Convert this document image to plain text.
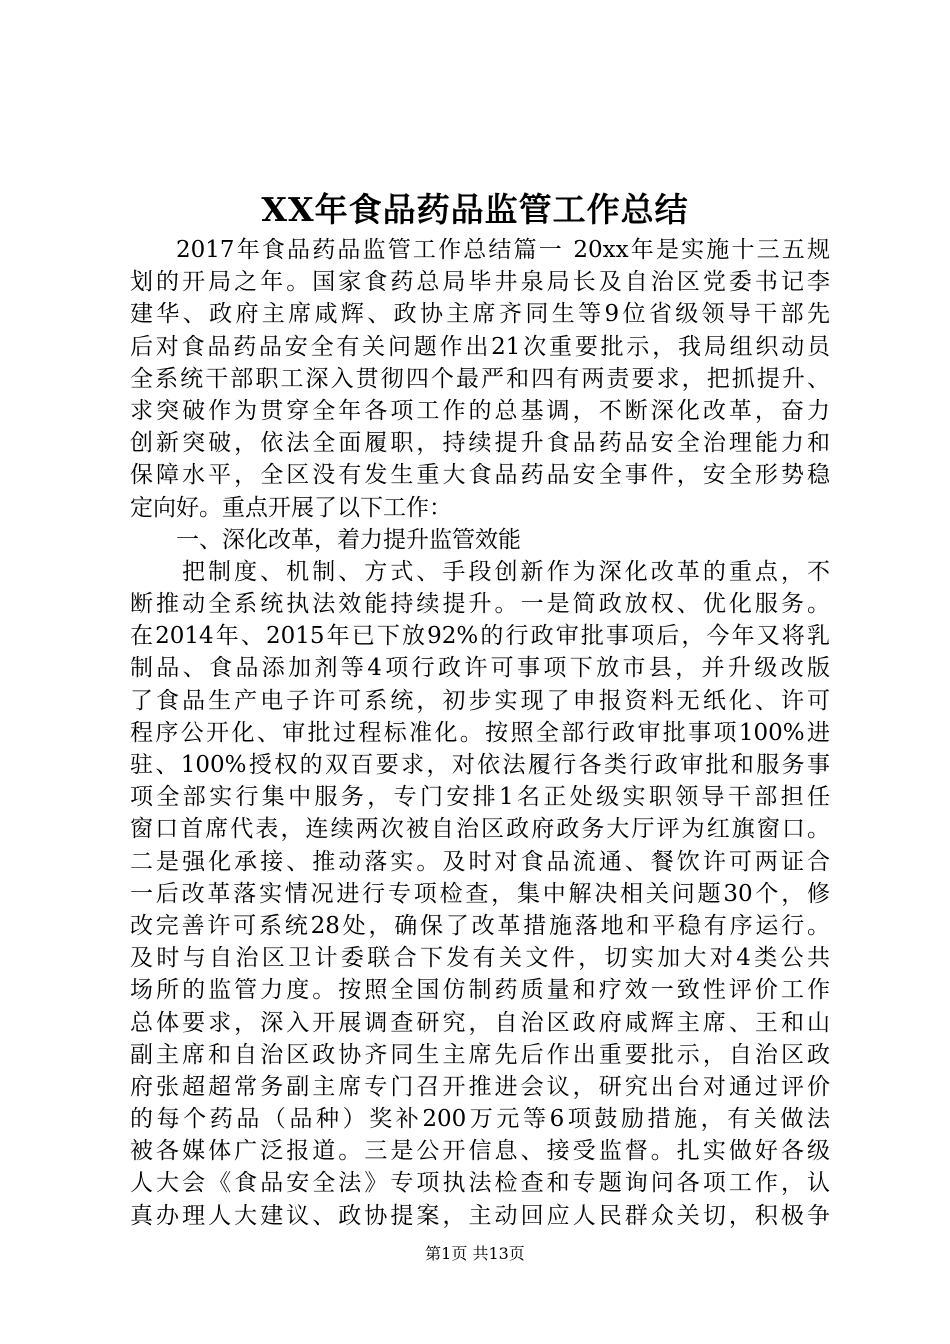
XX年食品药品监管工作总结
2017年食品药品监管工作总结篇一 20xx年是实施十三五规
划的开局之年。国家食药总局毕井泉局长及自治区党委书记李
建华、政府主席咸辉、政协主席齐同生等9位省级领导干部先
后对食品药品安全有关问题作出21次重要批示，我局组织动员
全系统干部职工深入贯彻四个最严和四有两责要求，把抓提升、
求突破作为贯穿全年各项工作的总基调，不断深化改革，奋力
创新突破，依法全面履职，持续提升食品药品安全治理能力和
保障水平，全区没有发生重大食品药品安全事件，安全形势稳
定向好。重点开展了以下工作：
一、深化改革，着力提升监管效能
把制度、机制、方式、手段创新作为深化改革的重点，不
断推动全系统执法效能持续提升。一是简政放权、优化服务。
在2014年、2015年已下放92%的行政审批事项后，今年又将乳
制品、食品添加剂等4项行政许可事项下放市县，并升级改版
了食品生产电子许可系统，初步实现了申报资料无纸化、许可
程序公开化、审批过程标准化。按照全部行政审批事项100%进
驻、100%授权的双百要求，对依法履行各类行政审批和服务事
项全部实行集中服务，专门安排1名正处级实职领导干部担任
窗口首席代表，连续两次被自治区政府政务大厅评为红旗窗口。
二是强化承接、推动落实。及时对食品流通、餐饮许可两证合
一后改革落实情况进行专项检查，集中解决相关问题30个，修
改完善许可系统28处，确保了改革措施落地和平稳有序运行。
及时与自治区卫计委联合下发有关文件，切实加大对4类公共
场所的监管力度。按照全国仿制药质量和疗效一致性评价工作
总体要求，深入开展调查研究，自治区政府咸辉主席、王和山
副主席和自治区政协齐同生主席先后作出重要批示，自治区政
府张超超常务副主席专门召开推进会议，研究出台对通过评价
的每个药品（品种）奖补200万元等6项鼓励措施，有关做法
被各媒体广泛报道。三是公开信息、接受监督。扎实做好各级
人大会《食品安全法》专项执法检查和专题询问各项工作，认
真办理人大建议、政协提案，主动回应人民群众关切，积极争
第1页 共13页
